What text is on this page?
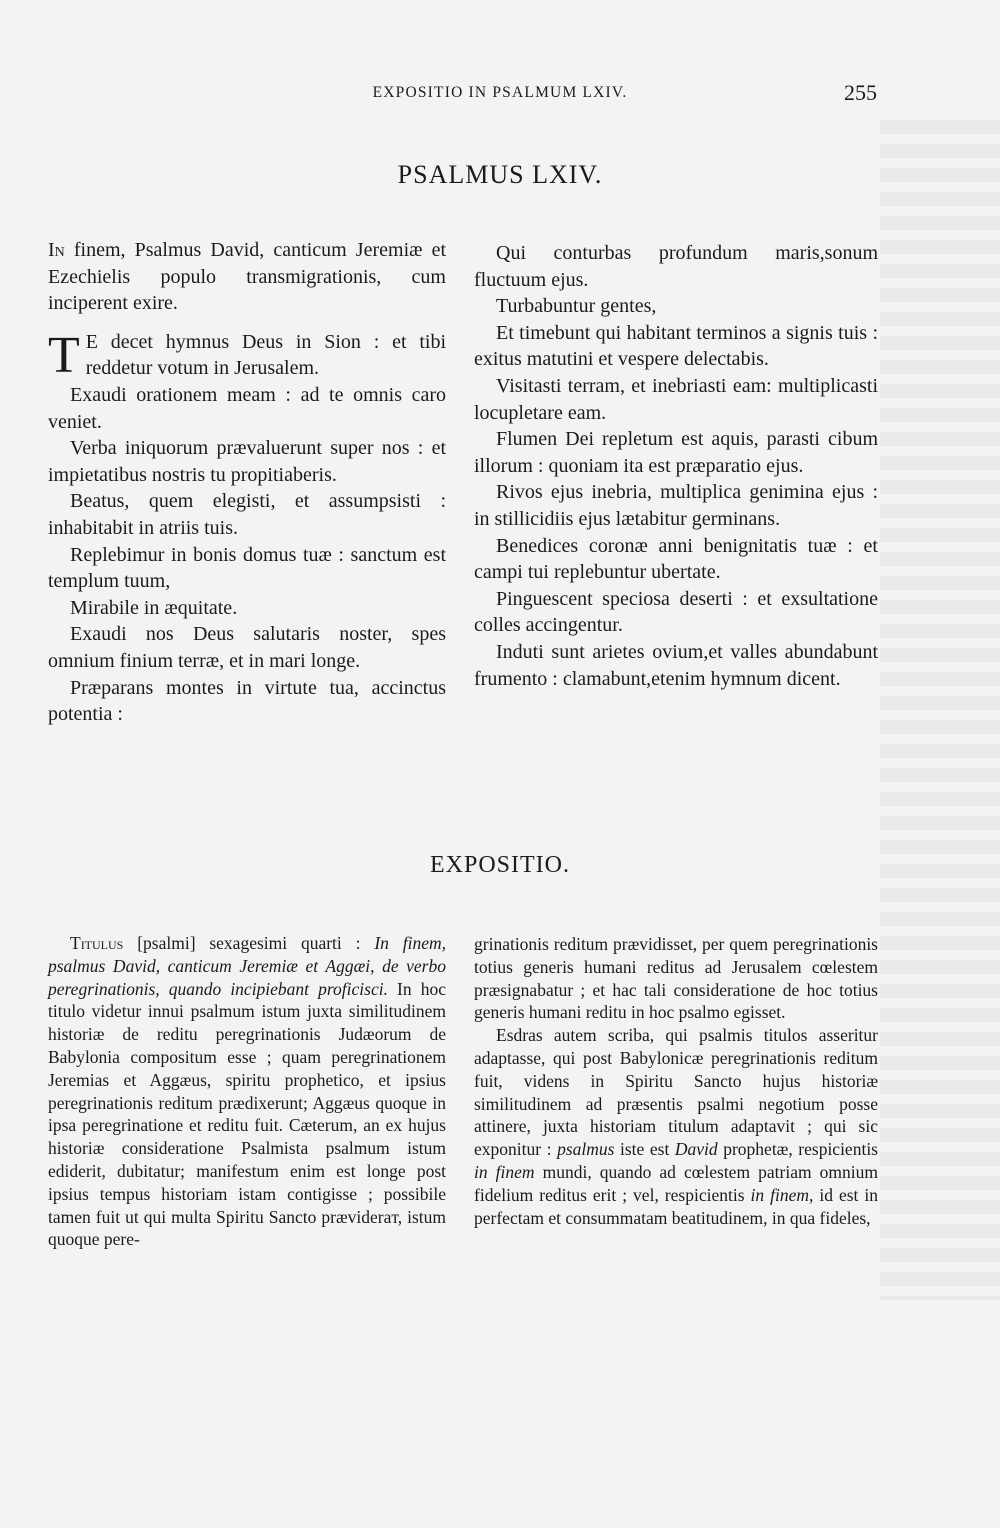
EXPOSITIO IN PSALMUM LXIV.	255
PSALMUS LXIV.

In finem, Psalmus David, canticum Jeremiæ et Ezechielis populo transmigrationis, cum inciperent exire.

T E decet hymnus Deus in Sion : et tibi reddetur votum in Jerusalem.

Exaudi orationem meam : ad te omnis caro veniet.

Verba iniquorum prævaluerunt super nos : et impietatibus nostris tu propitiaberis.

Beatus, quem elegisti, et assumpsisti : inhabitabit in atriis tuis.

Replebimur in bonis domus tuæ : sanctum est templum tuum,

Mirabile in æquitate.

Exaudi nos Deus salutaris noster, spes omnium finium terræ, et in mari longe.

Præparans montes in virtute tua, accinctus potentia :

Qui conturbas profundum maris,sonum fluctuum ejus.

Turbabuntur gentes,

Et timebunt qui habitant terminos a signis tuis : exitus matutini et vespere delectabis.

Visitasti terram, et inebriasti eam: multiplicasti locupletare eam.

Flumen Dei repletum est aquis, parasti cibum illorum : quoniam ita est præparatio ejus.

Rivos ejus inebria, multiplica genimina ejus : in stillicidiis ejus lætabitur germinans.

Benedices coronæ anni benignitatis tuæ : et campi tui replebuntur ubertate.

Pinguescent speciosa deserti : et exsultatione colles accingentur.

Induti sunt arietes ovium,et valles abundabunt frumento : clamabunt,etenim hymnum dicent.

EXPOSITIO.

Titulus [psalmi] sexagesimi quarti : In finem, psalmus David, canticum Jeremiæ et Aggæi, de verbo peregrinationis, quando incipiebant proficisci. In hoc titulo videtur innui psalmum istum juxta similitudinem historiæ de reditu peregrinationis Judæorum de Babylonia compositum esse ; quam peregrinationem Jeremias et Aggæus, spiritu prophetico, et ipsius peregrinationis reditum prædixerunt; Aggæus quoque in ipsa peregrinatione et reditu fuit. Cæterum, an ex hujus historiæ consideratione Psalmista psalmum istum ediderit, dubitatur; manifestum enim est longe post ipsius tempus historiam istam contigisse ; possibile tamen fuit ut qui multa Spiritu Sancto prævideraт, istum quoque pere-

grinationis reditum prævidisset, per quem peregrinationis totius generis humani reditus ad Jerusalem cœlestem præsignabatur ; et hac tali consideratione de hoc totius generis humani reditu in hoc psalmo egisset.

Esdras autem scriba, qui psalmis titulos asseritur adaptasse, qui post Babylonicæ peregrinationis reditum fuit, videns in Spiritu Sancto hujus historiæ similitudinem ad præsentis psalmi negotium posse attinere, juxta historiam titulum adaptavit ; qui sic exponitur : psalmus iste est David prophetæ, respicientis in finem mundi, quando ad cœlestem patriam omnium fidelium reditus erit ; vel, respicientis in finem, id est in perfectam et consummatam beatitudinem, in qua fideles,
